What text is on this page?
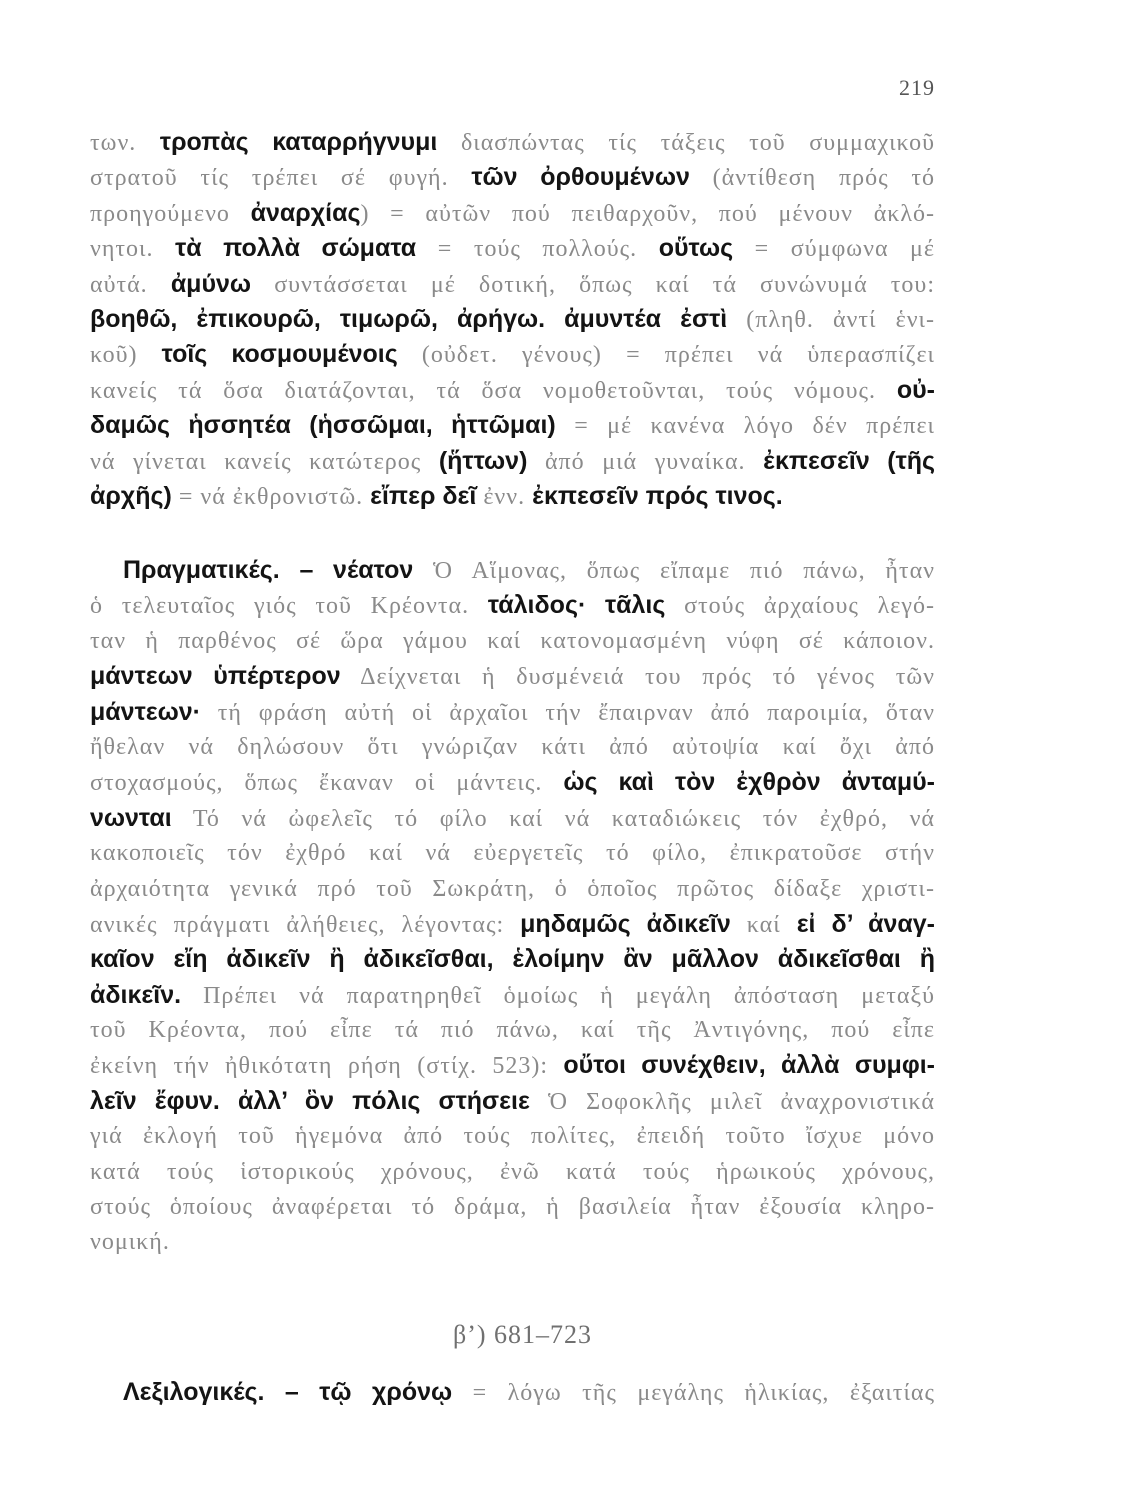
219
των. τροπὰς καταρρήγνυμι διασπώντας τίς τάξεις τοῦ συμμαχικοῦ
στρατοῦ τίς τρέπει σέ φυγή. τῶν ὀρθουμένων (ἀντίθεση πρός τό
προηγούμενο ἀναρχίας) = αὐτῶν πού πειθαρχοῦν, πού μένουν ἀκλό-
νητοι. τὰ πολλὰ σώματα = τούς πολλούς. οὕτως = σύμφωνα μέ
αὐτά. ἀμύνω συντάσσεται μέ δοτική, ὅπως καί τά συνώνυμά του:
βοηθῶ, ἐπικουρῶ, τιμωρῶ, ἀρήγω. ἀμυντέα ἐστὶ (πληθ. ἀντί ἑνι-
κοῦ) τοῖς κοσμουμένοις (οὐδετ. γένους) = πρέπει νά ὑπερασπίζει
κανείς τά ὅσα διατάζονται, τά ὅσα νομοθετοῦνται, τούς νόμους. οὐ-
δαμῶς ἡσσητέα (ἡσσῶμαι, ἡττῶμαι) = μέ κανένα λόγο δέν πρέπει
νά γίνεται κανείς κατώτερος (ἥττων) ἀπό μιά γυναίκα. ἐκπεσεῖν (τῆς
ἀρχῆς) = νά ἐκθρονιστῶ. εἴπερ δεῖ ἐνν. ἐκπεσεῖν πρός τινος.
Πραγματικές. – νέατον Ὁ Αἵμονας, ὅπως εἴπαμε πιό πάνω, ἦταν
ὁ τελευταῖος γιός τοῦ Κρέοντα. τάλιδος· τᾶλις στούς ἀρχαίους λεγό-
ταν ἡ παρθένος σέ ὥρα γάμου καί κατονομασμένη νύφη σέ κάποιον.
μάντεων ὑπέρτερον Δείχνεται ἡ δυσμένειά του πρός τό γένος τῶν
μάντεων· τή φράση αὐτή οἱ ἀρχαῖοι τήν ἔπαιρναν ἀπό παροιμία, ὅταν
ἤθελαν νά δηλώσουν ὅτι γνώριζαν κάτι ἀπό αὐτοψία καί ὄχι ἀπό
στοχασμούς, ὅπως ἔκαναν οἱ μάντεις. ὡς καὶ τὸν ἐχθρὸν ἀνταμύ-
νωνται Τό νά ὠφελεῖς τό φίλο καί νά καταδιώκεις τόν ἐχθρό, νά
κακοποιεῖς τόν ἐχθρό καί νά εὐεργετεῖς τό φίλο, ἐπικρατοῦσε στήν
ἀρχαιότητα γενικά πρό τοῦ Σωκράτη, ὁ ὁποῖος πρῶτος δίδαξε χριστι-
ανικές πράγματι ἀλήθειες, λέγοντας: μηδαμῶς ἀδικεῖν καί εἰ δ’ ἀναγ-
καῖον εἴη ἀδικεῖν ἢ ἀδικεῖσθαι, ἑλοίμην ἂν μᾶλλον ἀδικεῖσθαι ἢ
ἀδικεῖν. Πρέπει νά παρατηρηθεῖ ὁμοίως ἡ μεγάλη ἀπόσταση μεταξύ
τοῦ Κρέοντα, πού εἶπε τά πιό πάνω, καί τῆς Ἀντιγόνης, πού εἶπε
ἐκείνη τήν ἠθικότατη ρήση (στίχ. 523): οὔτοι συνέχθειν, ἀλλὰ συμφι-
λεῖν ἔφυν. ἀλλ’ ὃν πόλις στήσειε Ὁ Σοφοκλῆς μιλεῖ ἀναχρονιστικά
γιά ἐκλογή τοῦ ἡγεμόνα ἀπό τούς πολίτες, ἐπειδή τοῦτο ἴσχυε μόνο
κατά τούς ἱστορικούς χρόνους, ἐνῶ κατά τούς ἡρωικούς χρόνους,
στούς ὁποίους ἀναφέρεται τό δράμα, ἡ βασιλεία ἦταν ἐξουσία κληρο-
νομική.
β’) 681–723
Λεξιλογικές. – τῷ χρόνῳ = λόγω τῆς μεγάλης ἡλικίας, ἐξαιτίας
